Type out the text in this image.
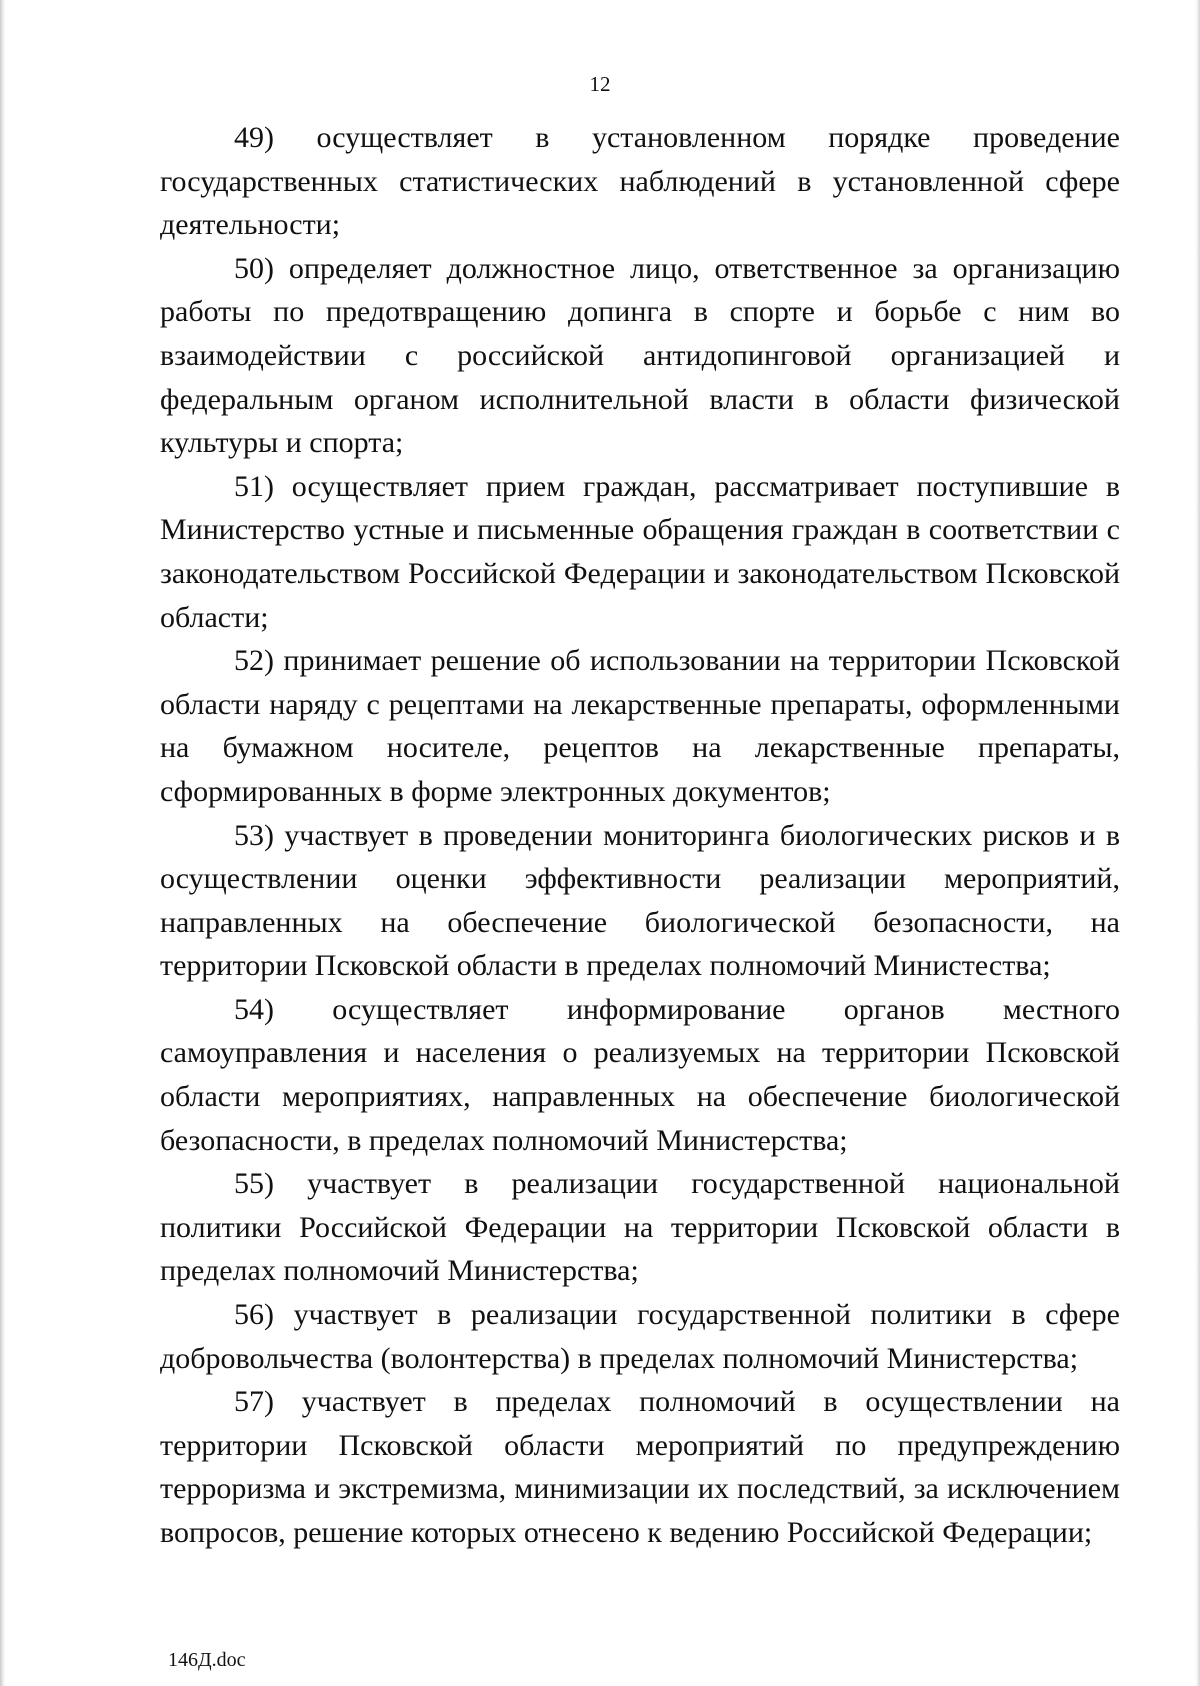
12

49) осуществляет в установленном порядке проведение государственных статистических наблюдений в установленной сфере деятельности;

50) определяет должностное лицо, ответственное за организацию работы по предотвращению допинга в спорте и борьбе с ним во взаимодействии с российской антидопинговой организацией и федеральным органом исполнительной власти в области физической культуры и спорта;

51) осуществляет прием граждан, рассматривает поступившие в Министерство устные и письменные обращения граждан в соответствии с законодательством Российской Федерации и законодательством Псковской области;

52) принимает решение об использовании на территории Псковской области наряду с рецептами на лекарственные препараты, оформленными на бумажном носителе, рецептов на лекарственные препараты, сформированных в форме электронных документов;

53) участвует в проведении мониторинга биологических рисков и в осуществлении оценки эффективности реализации мероприятий, направленных на обеспечение биологической безопасности, на территории Псковской области в пределах полномочий Министества;

54) осуществляет информирование органов местного самоуправления и населения о реализуемых на территории Псковской области мероприятиях, направленных на обеспечение биологической безопасности, в пределах полномочий Министерства;

55) участвует в реализации государственной национальной политики Российской Федерации на территории Псковской области в пределах полномочий Министерства;

56) участвует в реализации государственной политики в сфере добровольчества (волонтерства) в пределах полномочий Министерства;

57) участвует в пределах полномочий в осуществлении на территории Псковской области мероприятий по предупреждению терроризма и экстремизма, минимизации их последствий, за исключением вопросов, решение которых отнесено к ведению Российской Федерации;

146Д.doc
